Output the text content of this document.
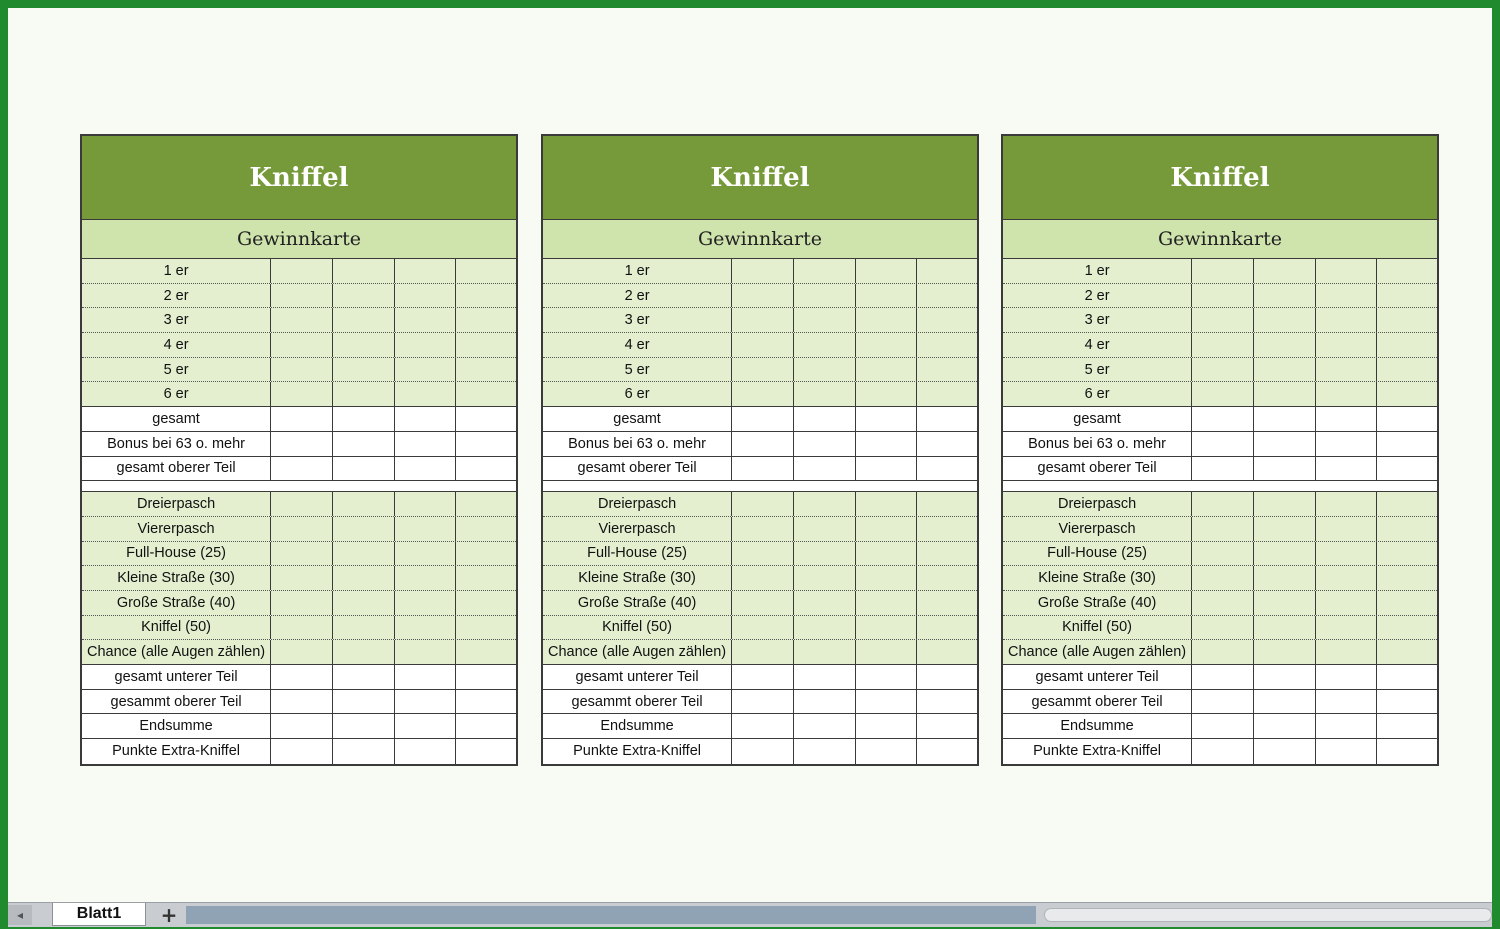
Kniffel
Gewinnkarte
1 er
2 er
3 er
4 er
5 er
6 er
gesamt
Bonus bei 63 o. mehr
gesamt oberer Teil
Dreierpasch
Viererpasch
Full-House (25)
Kleine Straße (30)
Große Straße (40)
Kniffel (50)
Chance (alle Augen zählen)
gesamt unterer Teil
gesammt oberer Teil
Endsumme
Punkte Extra-Kniffel
Kniffel
Gewinnkarte
1 er
2 er
3 er
4 er
5 er
6 er
gesamt
Bonus bei 63 o. mehr
gesamt oberer Teil
Dreierpasch
Viererpasch
Full-House (25)
Kleine Straße (30)
Große Straße (40)
Kniffel (50)
Chance (alle Augen zählen)
gesamt unterer Teil
gesammt oberer Teil
Endsumme
Punkte Extra-Kniffel
Kniffel
Gewinnkarte
1 er
2 er
3 er
4 er
5 er
6 er
gesamt
Bonus bei 63 o. mehr
gesamt oberer Teil
Dreierpasch
Viererpasch
Full-House (25)
Kleine Straße (30)
Große Straße (40)
Kniffel (50)
Chance (alle Augen zählen)
gesamt unterer Teil
gesammt oberer Teil
Endsumme
Punkte Extra-Kniffel
◂	Blatt1	+
